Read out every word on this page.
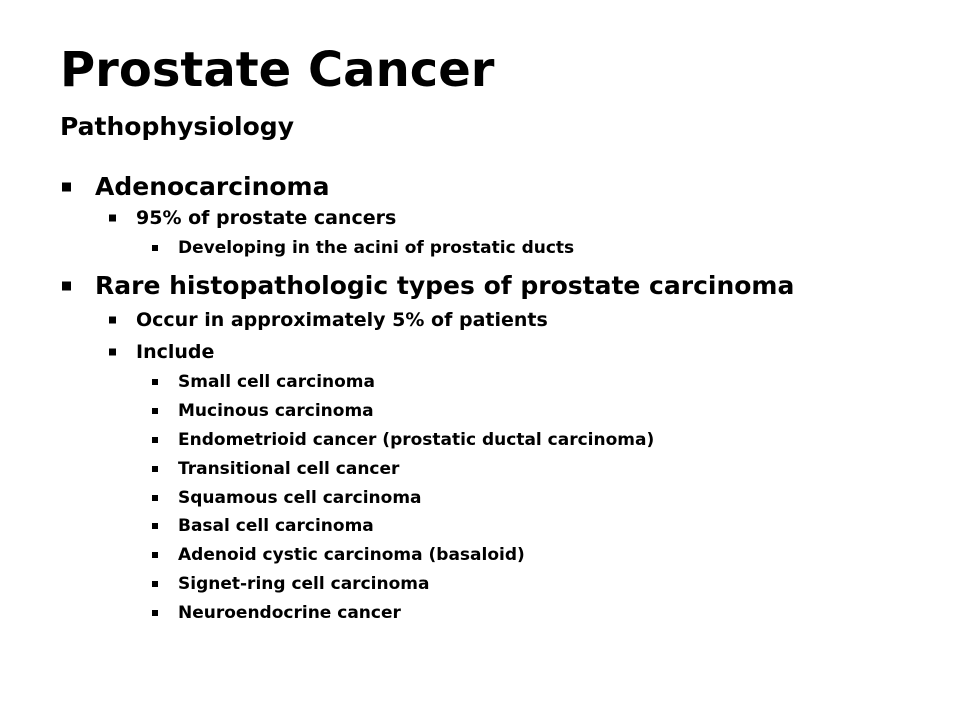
Prostate Cancer
Pathophysiology
Adenocarcinoma
95% of prostate cancers
Developing in the acini of prostatic ducts
Rare histopathologic types of prostate carcinoma
Occur in approximately 5% of patients
Include
Small cell carcinoma
Mucinous carcinoma
Endometrioid cancer (prostatic ductal carcinoma)
Transitional cell cancer
Squamous cell carcinoma
Basal cell carcinoma
Adenoid cystic carcinoma (basaloid)
Signet-ring cell carcinoma
Neuroendocrine cancer
